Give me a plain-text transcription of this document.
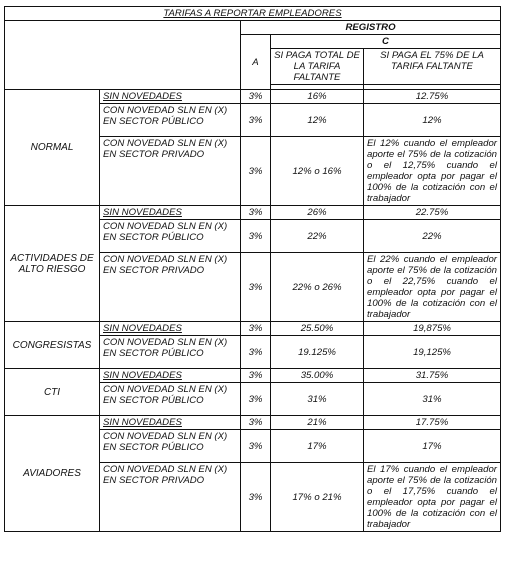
TARIFAS A REPORTAR EMPLEADORES				
		REGISTRO		
		A	C	
			SI PAGA TOTAL DE LA TARIFA FALTANTE	SI PAGA EL 75% DE LA TARIFA FALTANTE

NORMAL	SIN NOVEDADES	3%	16%	12.75%
	CON NOVEDAD SLN EN (X) EN SECTOR PÚBLICO	3%	12%	12%
	CON NOVEDAD SLN EN (X) EN SECTOR PRIVADO	3%	12% o 16%	El 12% cuando el empleador aporte el 75% de la cotización o el 12,75% cuando el empleador opta por pagar el 100% de la cotización con el trabajador
ACTIVIDADES DE ALTO RIESGO	SIN NOVEDADES	3%	26%	22.75%
	CON NOVEDAD SLN EN (X) EN SECTOR PÚBLICO	3%	22%	22%
	CON NOVEDAD SLN EN (X) EN SECTOR PRIVADO	3%	22% o 26%	El 22% cuando el empleador aporte el 75% de la cotización o el 22,75% cuando el empleador opta por pagar el 100% de la cotización con el trabajador
CONGRESISTAS	SIN NOVEDADES	3%	25.50%	19,875%
	CON NOVEDAD SLN EN (X) EN SECTOR PÚBLICO	3%	19.125%	19,125%
CTI	SIN NOVEDADES	3%	35.00%	31.75%
	CON NOVEDAD SLN EN (X) EN SECTOR PÚBLICO	3%	31%	31%
AVIADORES	SIN NOVEDADES	3%	21%	17.75%
	CON NOVEDAD SLN EN (X) EN SECTOR PÚBLICO	3%	17%	17%
	CON NOVEDAD SLN EN (X) EN SECTOR PRIVADO	3%	17% o 21%	El 17% cuando el empleador aporte el 75% de la cotización o el 17,75% cuando el empleador opta por pagar el 100% de la cotización con el trabajador
